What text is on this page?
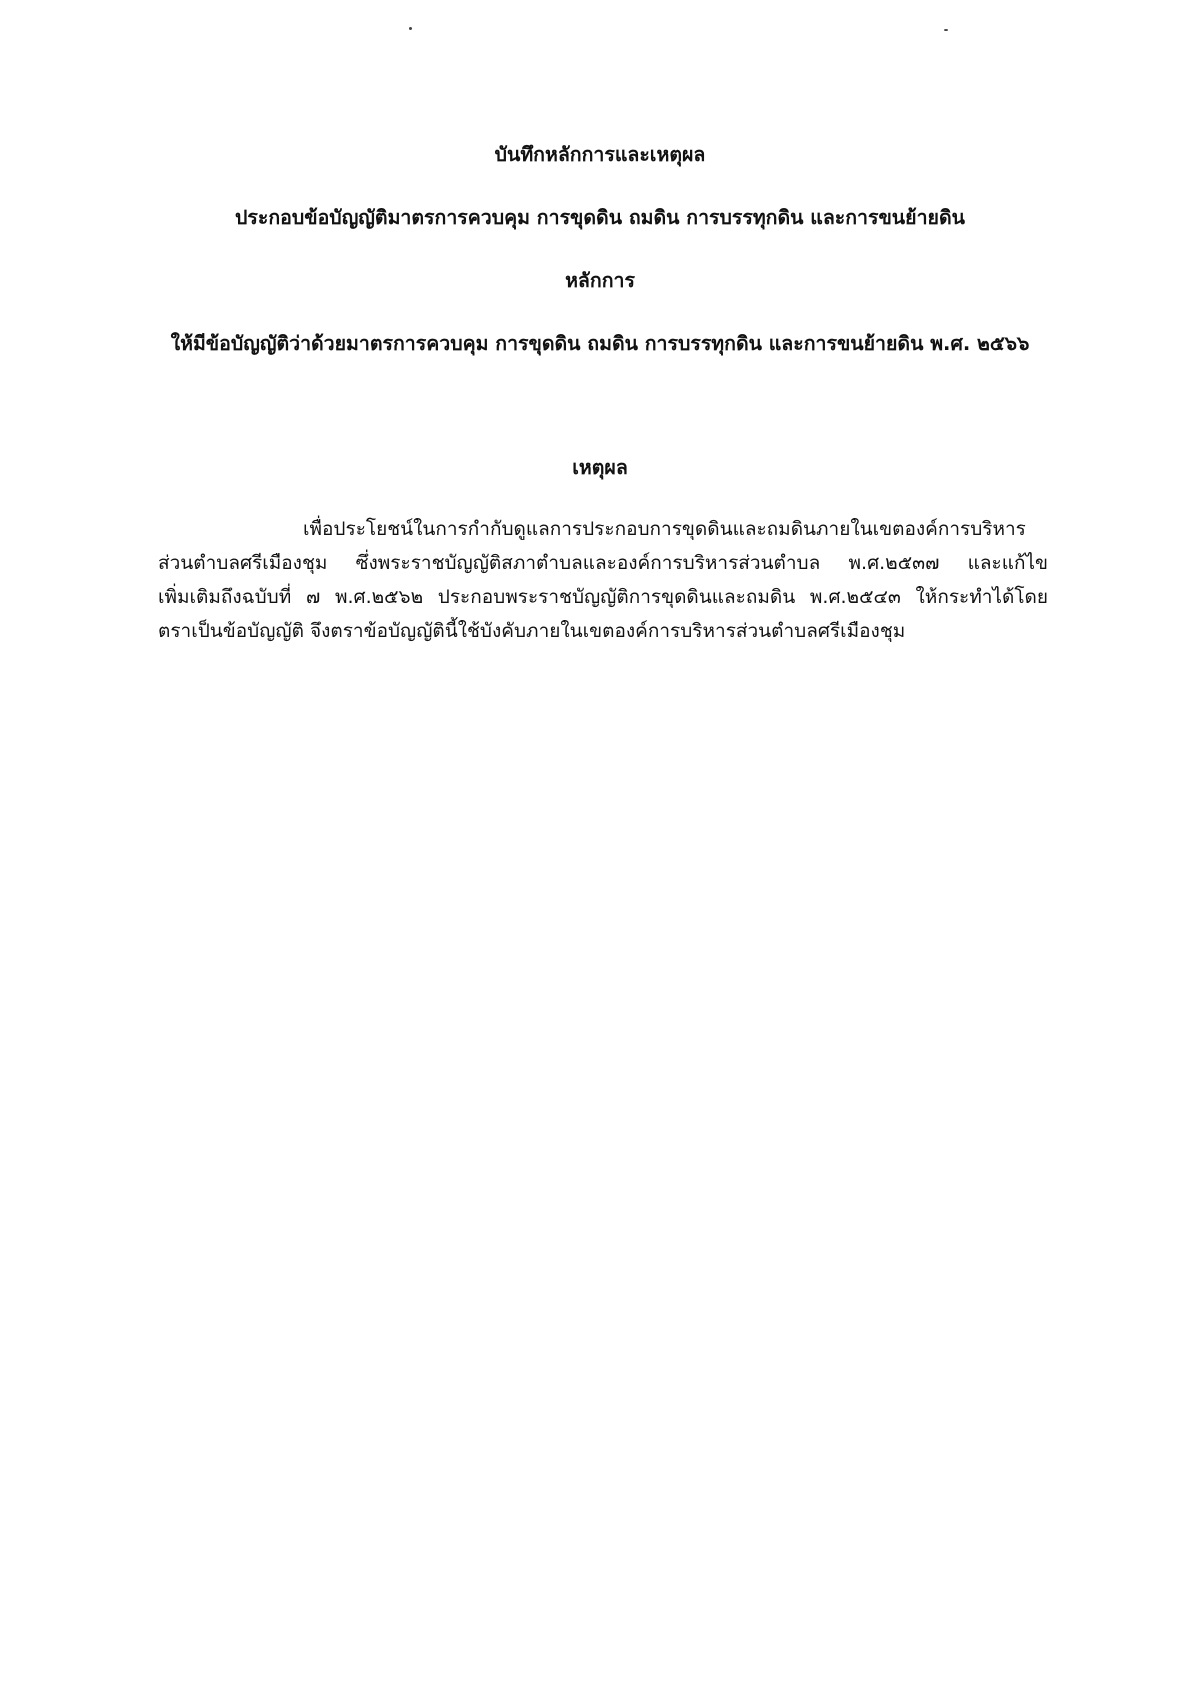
บันทึกหลักการและเหตุผล
ประกอบข้อบัญญัติมาตรการควบคุม การขุดดิน ถมดิน การบรรทุกดิน และการขนย้ายดิน
หลักการ
ให้มีข้อบัญญัติว่าด้วยมาตรการควบคุม การขุดดิน ถมดิน การบรรทุกดิน และการขนย้ายดิน พ.ศ. ๒๕๖๖
เหตุผล
เพื่อประโยชน์ในการกำกับดูแลการประกอบการขุดดินและถมดินภายในเขตองค์การบริหาร
ส่วนตำบลศรีเมืองชุม ซึ่งพระราชบัญญัติสภาตำบลและองค์การบริหารส่วนตำบล พ.ศ.๒๕๓๗ และแก้ไข
เพิ่มเติมถึงฉบับที่ ๗ พ.ศ.๒๕๖๒ ประกอบพระราชบัญญัติการขุดดินและถมดิน พ.ศ.๒๕๔๓ ให้กระทำได้โดย
ตราเป็นข้อบัญญัติ จึงตราข้อบัญญัตินี้ใช้บังคับภายในเขตองค์การบริหารส่วนตำบลศรีเมืองชุม
